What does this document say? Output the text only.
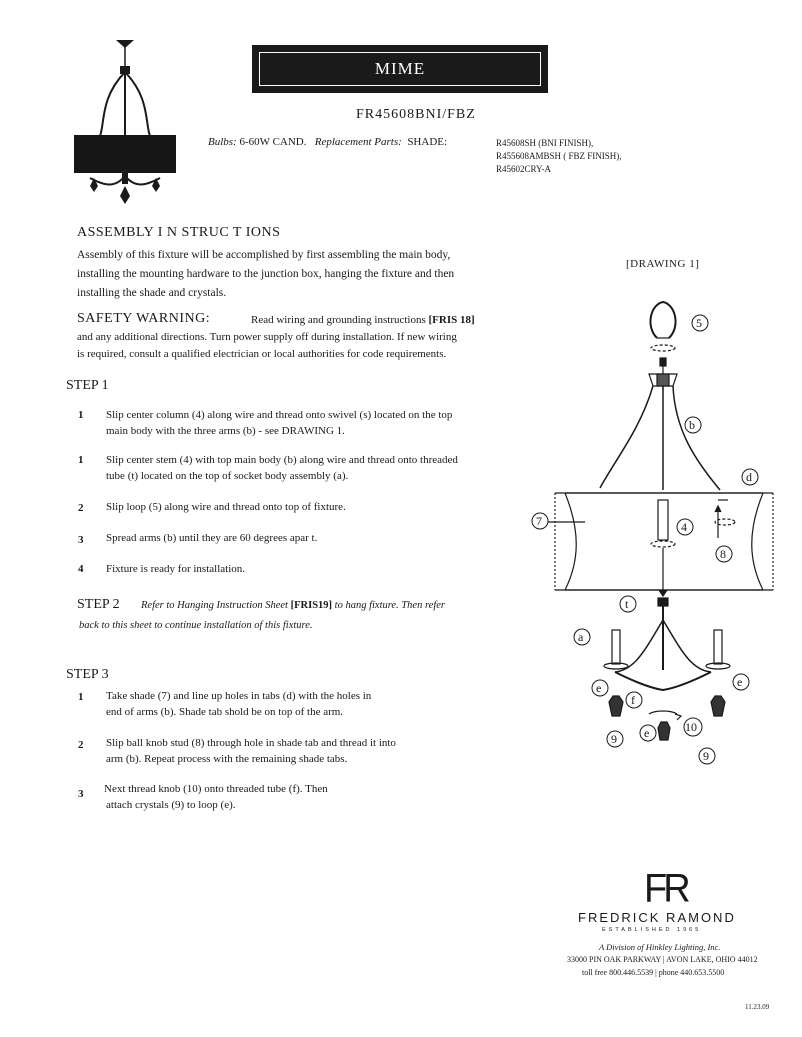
MIME
FR45608BNI/FBZ
Bulbs: 6-60W CAND. Replacement Parts: SHADE:	R45608SH (BNI FINISH),
R455608AMBSH ( FBZ FINISH),
R45602CRY-A
ASSEMBLY I N STRUC T IONS
Assembly of this fixture will be accomplished by first assembling the main body,
installing the mounting hardware to the junction box, hanging the fixture and then
installing the shade and crystals.
SAFETY WARNING:	Read wiring and grounding instructions [FRIS 18]
and any additional directions. Turn power supply off during installation. If new wiring
is required, consult a qualified electrician or local authorities for code requirements.
STEP 1
1	Slip center column (4) along wire and thread onto swivel (s) located on the top
main body with the three arms (b) - see DRAWING 1.
1	Slip center stem (4) with top main body (b) along wire and thread onto threaded
tube (t) located on the top of socket body assembly (a).
2	Slip loop (5) along wire and thread onto top of fixture.
3	Spread arms (b) until they are 60 degrees apar t.
4	Fixture is ready for installation.
STEP 2 Refer to Hanging Instruction Sheet [FRIS19] to hang fixture. Then refer
back to this sheet to continue installation of this fixture.
STEP 3
1	Take shade (7) and line up holes in tabs (d) with the holes in
end of arms (b). Shade tab shold be on top of the arm.
2	Slip ball knob stud (8) through hole in shade tab and thread it into
arm (b). Repeat process with the remaining shade tabs.
3	Next thread knob (10) onto threaded tube (f). Then
attach crystals (9) to loop (e).
[DRAWING 1]
5
b
d
7	4
8
t
a
e
f
e
10
9 e
9
FR
FREDRICK RAMOND
ESTABLISHED 1965
A Division of Hinkley Lighting, Inc.
33000 PIN OAK PARKWAY | AVON LAKE, OHIO 44012
toll free 800.446.5539 | phone 440.653.5500
11.23.09
